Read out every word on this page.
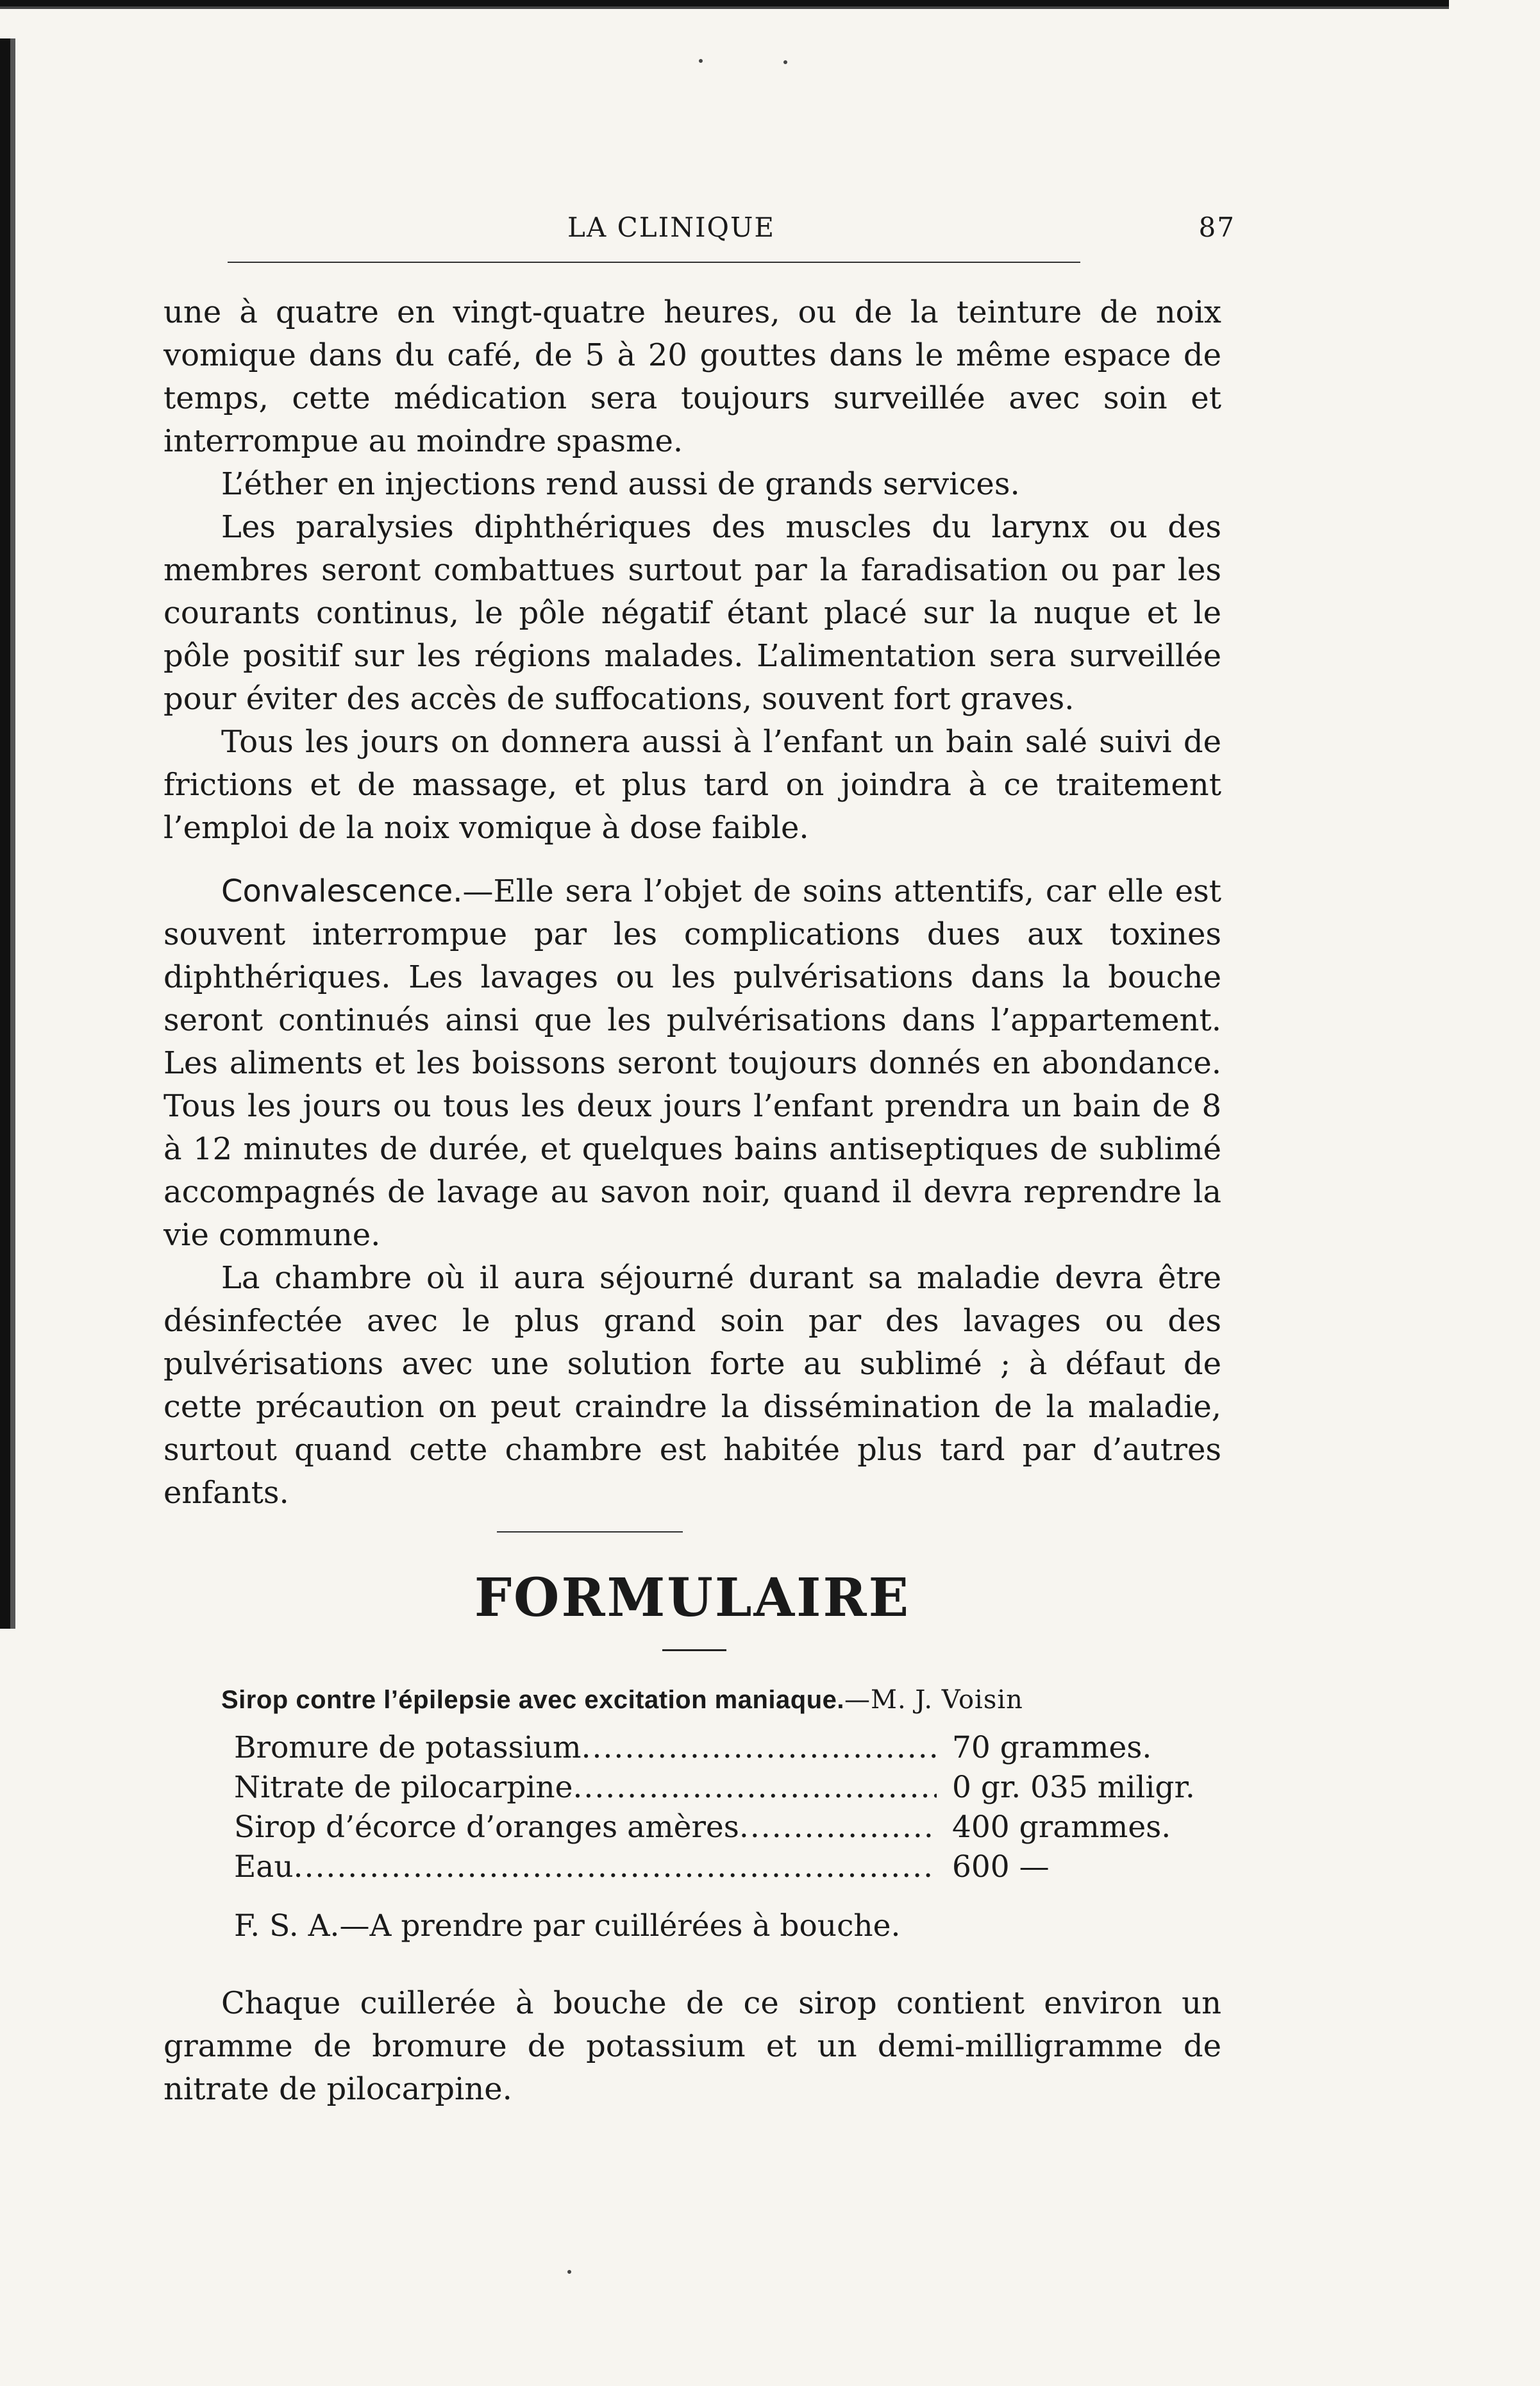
LA CLINIQUE	87

une à quatre en vingt-quatre heures, ou de la teinture de noix vomique dans du café, de 5 à 20 gouttes dans le même espace de temps, cette médication sera toujours surveillée avec soin et interrompue au moindre spasme.

L’éther en injections rend aussi de grands services.

Les paralysies diphthériques des muscles du larynx ou des membres seront combattues surtout par la faradisation ou par les courants continus, le pôle négatif étant placé sur la nuque et le pôle positif sur les régions malades. L’alimentation sera surveillée pour éviter des accès de suffocations, souvent fort graves.

Tous les jours on donnera aussi à l’enfant un bain salé suivi de frictions et de massage, et plus tard on joindra à ce traitement l’emploi de la noix vomique à dose faible.

Convalescence.—Elle sera l’objet de soins attentifs, car elle est souvent interrompue par les complications dues aux toxines diphthériques. Les lavages ou les pulvérisations dans la bouche seront continués ainsi que les pulvérisations dans l’appartement. Les aliments et les boissons seront toujours donnés en abondance. Tous les jours ou tous les deux jours l’enfant prendra un bain de 8 à 12 minutes de durée, et quelques bains antiseptiques de sublimé accompagnés de lavage au savon noir, quand il devra reprendre la vie commune.

La chambre où il aura séjourné durant sa maladie devra être désinfectée avec le plus grand soin par des lavages ou des pulvérisations avec une solution forte au sublimé ; à défaut de cette précaution on peut craindre la dissémination de la maladie, surtout quand cette chambre est habitée plus tard par d’autres enfants.

FORMULAIRE
Sirop contre l’épilepsie avec excitation maniaque.—M. J. Voisin
Bromure de potassium .....	70 grammes.
Nitrate de pilocarpine .....	0 gr. 035 miligr.
Sirop d’écorce d’oranges amères .....	400 grammes.
Eau .....	600 —
F. S. A.—A prendre par cuillérées à bouche.

Chaque cuillerée à bouche de ce sirop contient environ un gramme de bromure de potassium et un demi-milligramme de nitrate de pilocarpine.
